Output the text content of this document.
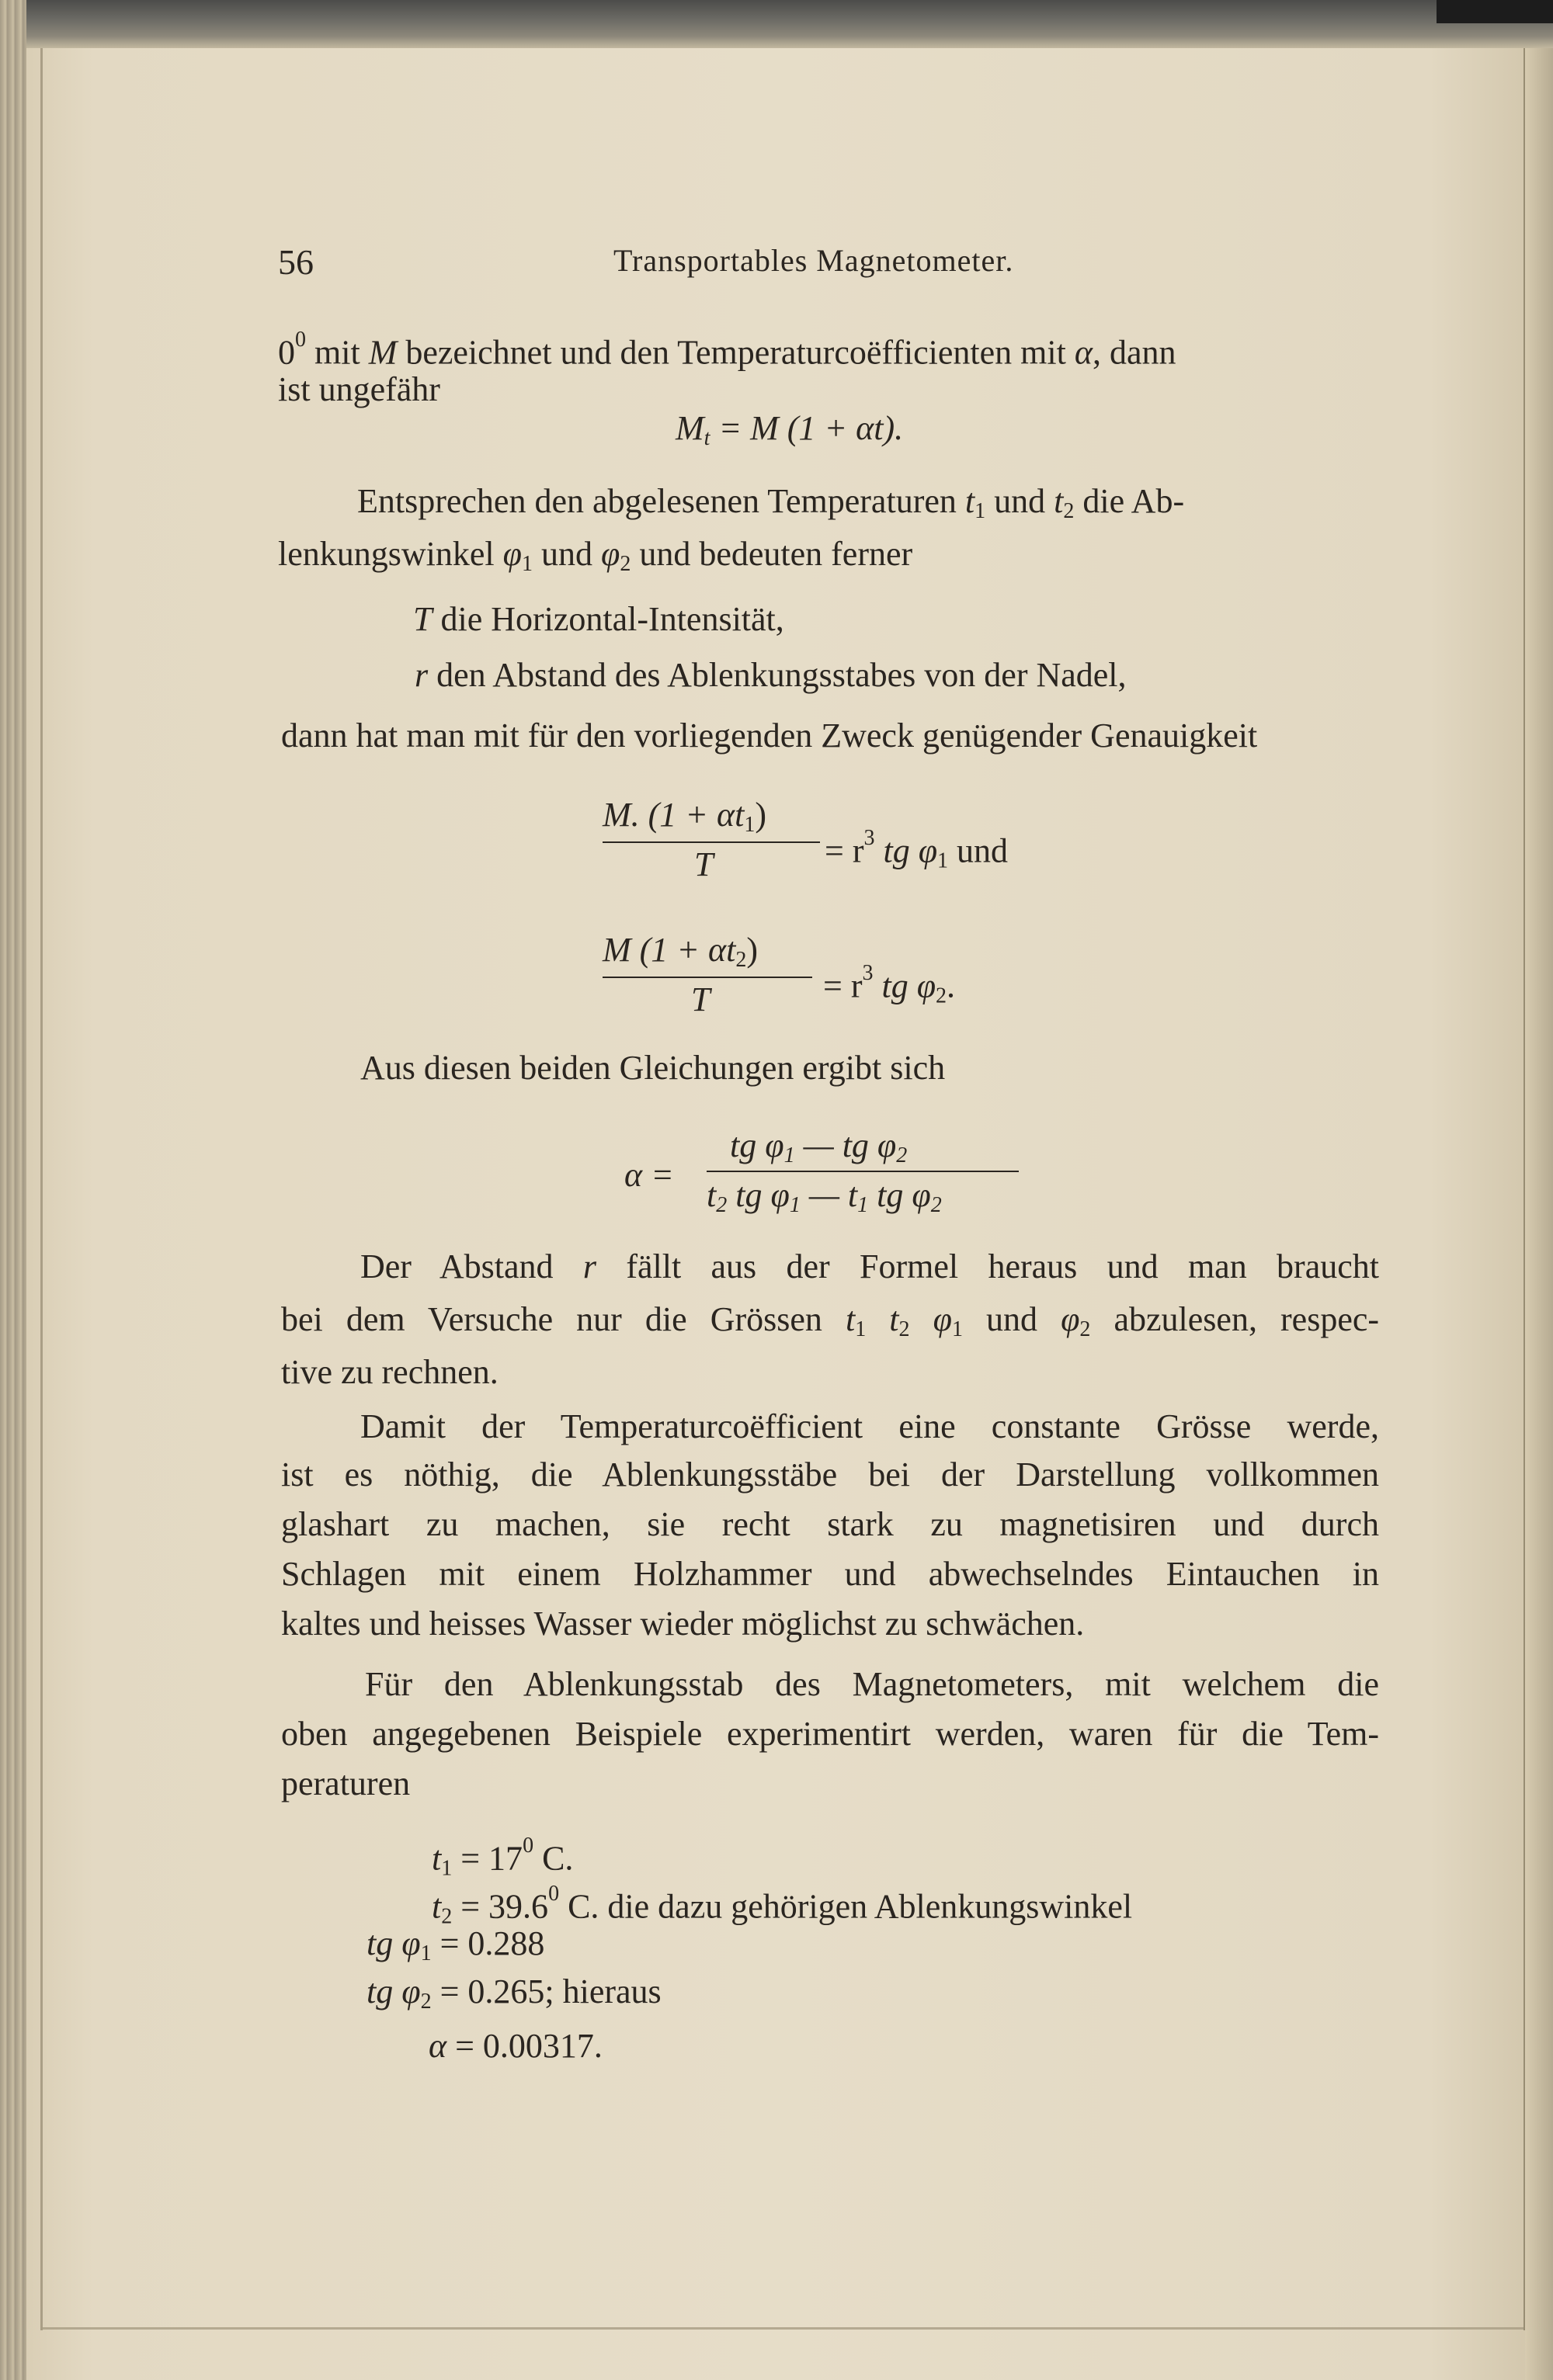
56	Transportables Magnetometer.
$0^0$ mit M bezeichnet und den Temperaturcoëfficienten mit α, dann
ist ungefähr
Mt = M (1 + αt).
Entsprechen den abgelesenen Temperaturen t1 und t2 die Ab-
lenkungswinkel φ1 und φ2 und bedeuten ferner
T die Horizontal-Intensität,
r den Abstand des Ablenkungsstabes von der Nadel,
dann hat man mit für den vorliegenden Zweck genügender Genauigkeit
M. (1 + αt1)
T	= $r^3$ tg φ1 und
M (1 + αt2)
T	= $r^3$ tg φ2.
Aus diesen beiden Gleichungen ergibt sich
α =
tg φ1 — tg φ2
t2 tg φ1 — t1 tg φ2
Der Abstand r fällt aus der Formel heraus und man braucht
bei dem Versuche nur die Grössen t1 t2 φ1 und φ2 abzulesen, respec-
tive zu rechnen.
Damit der Temperaturcoëfficient eine constante Grösse werde,
ist es nöthig, die Ablenkungsstäbe bei der Darstellung vollkommen
glashart zu machen, sie recht stark zu magnetisiren und durch
Schlagen mit einem Holzhammer und abwechselndes Eintauchen in
kaltes und heisses Wasser wieder möglichst zu schwächen.
Für den Ablenkungsstab des Magnetometers, mit welchem die
oben angegebenen Beispiele experimentirt werden, waren für die Tem-
peraturen
$t1 = 17^0$ C.
$t2 = 39.6^0$ C. die dazu gehörigen Ablenkungswinkel
tg φ1 = 0.288
tg φ2 = 0.265; hieraus
α = 0.00317.
